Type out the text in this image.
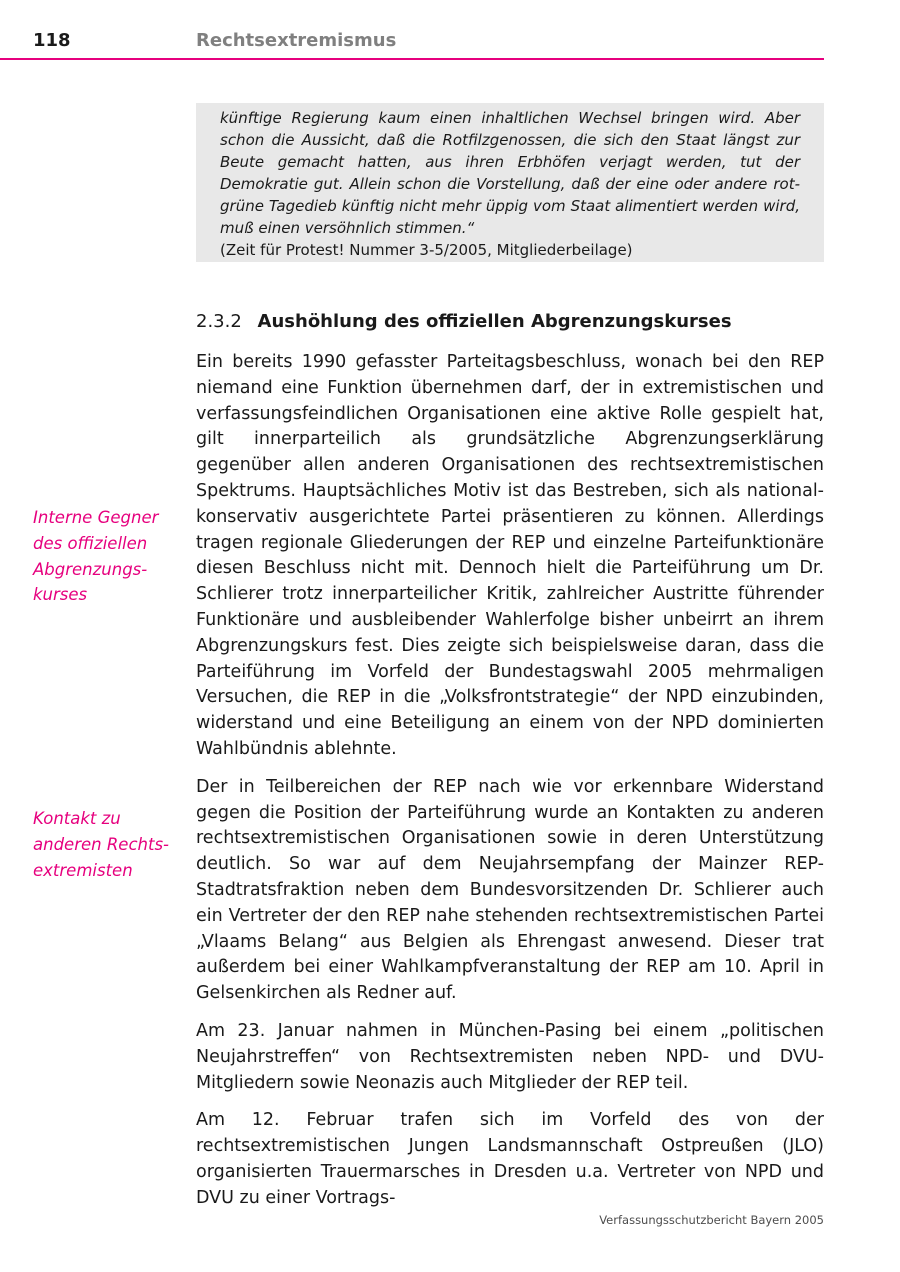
118	Rechtsextremismus

künftige Regierung kaum einen inhaltlichen Wechsel bringen wird. Aber schon die Aussicht, daß die Rotfilzgenossen, die sich den Staat längst zur Beute gemacht hatten, aus ihren Erbhöfen verjagt werden, tut der Demokratie gut. Allein schon die Vorstellung, daß der eine oder andere rot-grüne Tagedieb künftig nicht mehr üppig vom Staat alimentiert werden wird, muß einen versöhnlich stimmen.“

(Zeit für Protest! Nummer 3-5/2005, Mitgliederbeilage)

2.3.2 Aushöhlung des offiziellen Abgrenzungskurses
Interne Gegner
des offiziellen
Abgrenzungs-
kurses
Kontakt zu
anderen Rechts-
extremisten

Ein bereits 1990 gefasster Parteitagsbeschluss, wonach bei den REP niemand eine Funktion übernehmen darf, der in extremistischen und verfassungsfeindlichen Organisationen eine aktive Rolle gespielt hat, gilt innerparteilich als grundsätzliche Abgrenzungserklärung gegenüber allen anderen Organisationen des rechtsextremistischen Spektrums. Hauptsächliches Motiv ist das Bestreben, sich als national-konservativ ausgerichtete Partei präsentieren zu können. Allerdings tragen regionale Gliederungen der REP und einzelne Parteifunktionäre diesen Beschluss nicht mit. Dennoch hielt die Parteiführung um Dr. Schlierer trotz innerparteilicher Kritik, zahlreicher Austritte führender Funktionäre und ausbleibender Wahlerfolge bisher unbeirrt an ihrem Abgrenzungskurs fest. Dies zeigte sich beispielsweise daran, dass die Parteiführung im Vorfeld der Bundestagswahl 2005 mehrmaligen Versuchen, die REP in die „Volksfrontstrategie“ der NPD einzubinden, widerstand und eine Beteiligung an einem von der NPD dominierten Wahlbündnis ablehnte.

Der in Teilbereichen der REP nach wie vor erkennbare Widerstand gegen die Position der Parteiführung wurde an Kontakten zu anderen rechtsextremistischen Organisationen sowie in deren Unterstützung deutlich. So war auf dem Neujahrsempfang der Mainzer REP-Stadtratsfraktion neben dem Bundesvorsitzenden Dr. Schlierer auch ein Vertreter der den REP nahe stehenden rechtsextremistischen Partei „Vlaams Belang“ aus Belgien als Ehrengast anwesend. Dieser trat außerdem bei einer Wahlkampfveranstaltung der REP am 10. April in Gelsenkirchen als Redner auf.

Am 23. Januar nahmen in München-Pasing bei einem „politischen Neujahrstreffen“ von Rechtsextremisten neben NPD- und DVU-Mitgliedern sowie Neonazis auch Mitglieder der REP teil.

Am 12. Februar trafen sich im Vorfeld des von der rechtsextremistischen Jungen Landsmannschaft Ostpreußen (JLO) organisierten Trauermarsches in Dresden u.a. Vertreter von NPD und DVU zu einer Vortrags-

Verfassungsschutzbericht Bayern 2005
